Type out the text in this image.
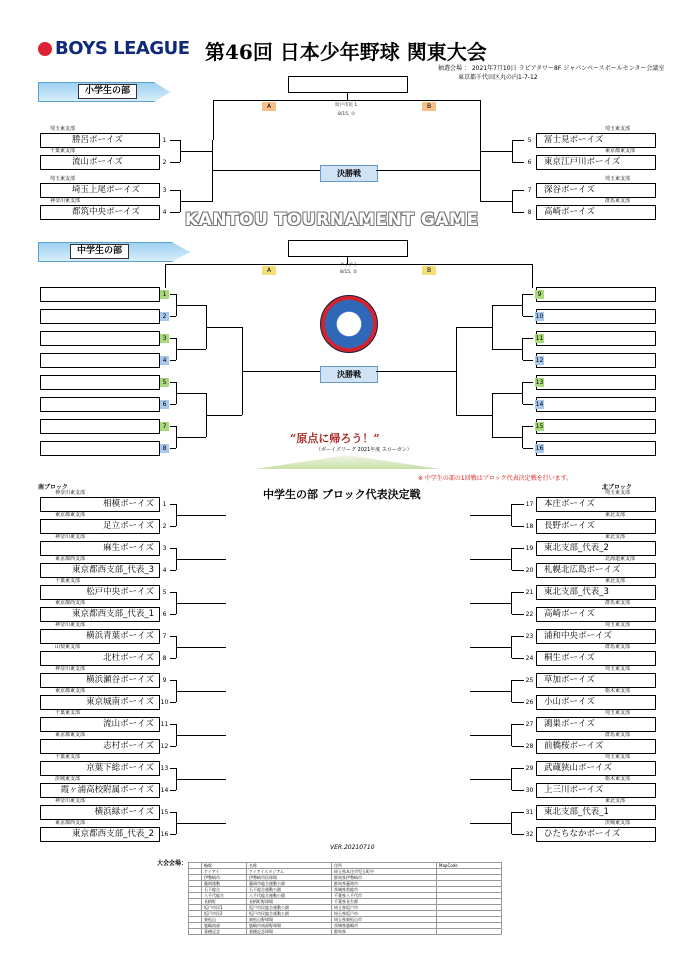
BOYS LEAGUE 第46回 日本少年野球 関東大会
抽選会場 ： 2021年7月10日 ラピアタワー8F ジャパンベースボールセンター会議室
東京都千代田区丸の内1-7-12
小学生の部
A	B
坂戸市民 1
8/15, ①
決勝戦
埼玉東支部
勝呂ボーイズ	1
千葉東支部
流山ボーイズ	2
埼玉東支部
埼玉上尾ボーイズ	3
神奈川東支部
都筑中央ボーイズ	4
埼玉東支部
冨士見ボーイズ
5
東京都東支部
東京江戸川ボーイズ
6
埼玉東支部
深谷ボーイズ
7
群馬東支部
高崎ボーイズ
8
KANTOU TOURNAMENT GAME
中学生の部
A	B
ケイアイ
8/15, ②
決勝戦
1	9
2	10
3	11
4	12
5	13
6	14
7	15
8	16
“原点に帰ろう！”
（ボーイズリーグ 2021年度 スローガン）
※ 中学生の部の1回戦はブロック代表決定戦を行います。
中学生の部 ブロック代表決定戦
南ブロック	北ブロック
神奈川東支部
相模ボーイズ	1
東京都東支部
足立ボーイズ	2
神奈川東支部
麻生ボーイズ	3
東京都西支部
東京都西支部_代表_3	4
千葉東支部
松戸中央ボーイズ	5
東京都西支部
東京都西支部_代表_1	6
神奈川東支部
横浜青葉ボーイズ	7
山梨東支部
北杜ボーイズ	8
神奈川東支部
横浜瀬谷ボーイズ	9
東京都東支部
東京城南ボーイズ 10
千葉東支部
流山ボーイズ 11
東京都東支部
志村ボーイズ 12
千葉東支部
京葉下総ボーイズ 13
茨城東支部
霞ヶ浦高校附属ボーイズ 14
神奈川東支部
横浜緑ボーイズ 15
東京都西支部
東京都西支部_代表_2 16
埼玉東支部
本庄ボーイズ
17
東北支部
長野ボーイズ
18
東北支部
東北支部_代表_2
19
北海道東支部
札幌北広島ボーイズ
20
東北支部
東北支部_代表_3
21
群馬東支部
高崎ボーイズ
22
埼玉東支部
浦和中央ボーイズ
23
群馬東支部
桐生ボーイズ
24
埼玉東支部
草加ボーイズ
25
栃木東支部
小山ボーイズ
26
埼玉東支部
鴻巣ボーイズ
27
群馬東支部
前橋桜ボーイズ
28
埼玉東支部
武蔵狭山ボーイズ
29
栃木東支部
上三川ボーイズ
30
東北支部
東北支部_代表_1
31
茨城東支部
ひたちなかボーイズ
32
VER.20210710
大会会場：
		略称	名称	住所	MapCode
	ケイアイ	ケイアイスタジアム	埼玉県本庄市児玉町中	
	伊勢崎市	伊勢崎市民球場	群馬県伊勢崎市	
	藤岡運動	藤岡市総合運動公園	群馬県藤岡市	
	石下総合	石下総合運動公園	茨城県常総市	
	八千代総合	八千代総合運動公園	千葉県八千代市	
	長柄町	長柄町野球場	千葉県長生郡	
	坂戸市民1	坂戸市民総合運動公園	埼玉県坂戸市	
	坂戸市民2	坂戸市民総合運動公園	埼玉県坂戸市	
	東松山	東松山野球場	埼玉県東松山市	
	鹿嶋南部	鹿嶋市南部野球場	茨城県鹿嶋市	
	嘉穂記念	嘉穂記念球場	群馬県	
